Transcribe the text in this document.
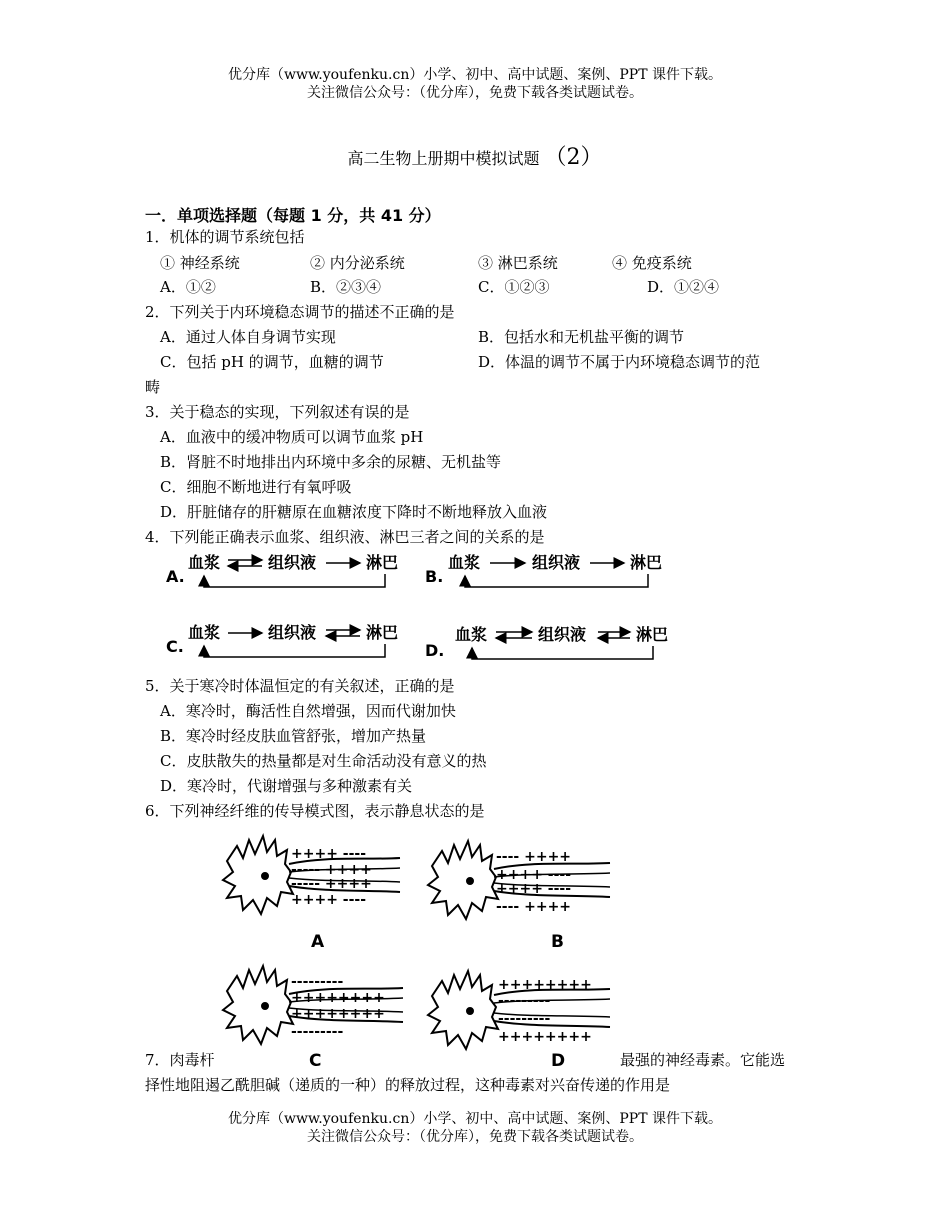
优分库（www.youfenku.cn）小学、初中、高中试题、案例、PPT 课件下载。
关注微信公众号：（优分库），免费下载各类试题试卷。
高二生物上册期中模拟试题 （2）
一．单项选择题（每题 1 分，共 41 分）
1．机体的调节系统包括
① 神经系统	② 内分泌系统	③ 淋巴系统	④ 免疫系统
A．①②	B．②③④	C．①②③	D．①②④
2．下列关于内环境稳态调节的描述不正确的是
A．通过人体自身调节实现	B．包括水和无机盐平衡的调节
C．包括 pH 的调节，血糖的调节	D．体温的调节不属于内环境稳态调节的范
畴
3．关于稳态的实现，下列叙述有误的是
A．血液中的缓冲物质可以调节血浆 pH
B．肾脏不时地排出内环境中多余的尿糖、无机盐等
C．细胞不断地进行有氧呼吸
D．肝脏储存的肝糖原在血糖浓度下降时不断地释放入血液
4．下列能正确表示血浆、组织液、淋巴三者之间的关系的是
A.
血浆	组织液	淋巴
B.
血浆	组织液	淋巴
C.
血浆	组织液	淋巴
D.
血浆	组织液	淋巴
5．关于寒冷时体温恒定的有关叙述，正确的是
A．寒冷时，酶活性自然增强，因而代谢加快
B．寒冷时经皮肤血管舒张，增加产热量
C．皮肤散失的热量都是对生命活动没有意义的热
D．寒冷时，代谢增强与多种激素有关
6．下列神经纤维的传导模式图，表示静息状态的是
++++ ----
----- ++++
----- ++++
++++ ----
---- ++++
++++ ----
++++ ----
---- ++++
---------
++++++++
++++++++
---------
++++++++
---------
---------
++++++++
A	B
C	D
7．肉毒杆	最强的神经毒素。它能选
择性地阻遏乙酰胆碱（递质的一种）的释放过程，这种毒素对兴奋传递的作用是
优分库（www.youfenku.cn）小学、初中、高中试题、案例、PPT 课件下载。
关注微信公众号：（优分库），免费下载各类试题试卷。
